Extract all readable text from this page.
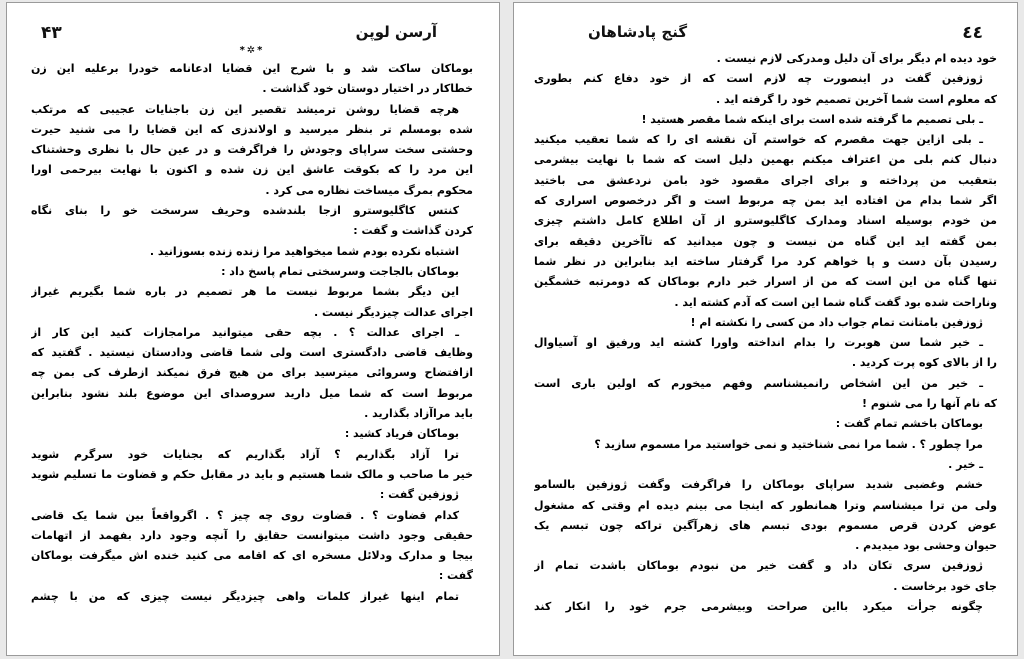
۴۳	آرسن لوپن
*✲*
بوماکان ساکت شد و با شرح این قضایا ادعانامه خودرا برعلیه این زن
خطاکار در اختیار دوستان خود گذاشت .
هرچه قضایا روشن ترمیشد تقصیر این زن باجنایات عجیبی که مرتکب
شده بومسلم تر بنظر میرسید و اولاندزی که این قضایا را می شنید حیرت
وحشتی سخت سراپای وجودش را فراگرفت و در عین حال با نظری وحشتناک
این مرد را که بکوقت عاشق این زن شده و اکنون با نهایت بیرحمی اورا
محکوم بمرگ میساخت نظاره می کرد .
کنتس کاگلیوسترو ازجا بلندشده وحریف سرسخت خو را بنای نگاه
کردن گذاشت و گفت :
اشتباه نکرده بودم شما میخواهید مرا زنده زنده بسوزانید .
بوماکان بالجاجت وسرسختی تمام پاسخ داد :
این دیگر بشما مربوط نیست ما هر تصمیم در باره شما بگیریم غیراز
اجرای عدالت چیزدیگر نیست .
ـ اجرای عدالت ؟ . بچه حقی میتوانید مرامجازات کنید این کار از
وظایف قاضی دادگستری است ولی شما قاضی ودادستان نیستید . گفتید که
ازافتضاح وسروائی میترسید برای من هیچ فرق نمیکند ازطرف کی بمن چه
مربوط است که شما میل دارید سروصدای این موضوع بلند نشود بنابراین
باید مراآزاد بگذارید .
بوماکان فریاد کشید :
ترا آزاد بگذاریم ؟ آزاد بگذاریم که بجنایات خود سرگرم شوید
خیر ما صاحب و مالک شما هستیم و باید در مقابل حکم و قضاوت ما تسلیم شوید
ژوزفین گفت :
کدام قضاوت ؟ . قضاوت روی چه چیز ؟ . اگرواقعاً بین شما یک قاضی
حقیقی وجود داشت میتوانست حقایق را آنچه وجود دارد بفهمد از اتهامات
بیجا و مدارک ودلائل مسخره ای که اقامه می کنید خنده اش میگرفت بوماکان
گفت :
تمام اینها غیراز کلمات واهی چیزدیگر نیست چیزی که من با چشم
٤٤
گنج پادشاهان
خود دیده ام دیگر برای آن دلیل ومدرکی لازم نیست .
ژوزفین گفت در اینصورت چه لازم است که از خود دفاع کنم بطوری
که معلوم است شما آخرین تصمیم خود را گرفته اید .
ـ بلی تصمیم ما گرفته شده است برای اینکه شما مقصر هستید !
ـ بلی ازاین جهت مقصرم که خواستم آن نقشه ای را که شما تعقیب میکنید
دنبال کنم بلی من اعتراف میکنم بهمین دلیل است که شما با نهایت بیشرمی
بتعقیب من پرداخته و برای اجرای مقصود خود بامن نردعشق می باختید
اگر شما بدام من افتاده اید بمن چه مربوط است و اگر درخصوص اسراری که
من خودم بوسیله اسناد ومدارک کاگلیوسترو از آن اطلاع کامل داشتم چیزی
بمن گفته اید این گناه من نیست و چون میدانید که تاآخرین دقیقه برای
رسیدن بآن دست و پا خواهم کرد مرا گرفتار ساخته اید بنابراین در نظر شما
تنها گناه من این است که من از اسرار خبر دارم بوماکان که دومرتبه خشمگین
وناراحت شده بود گفت گناه شما این است که آدم کشته اید .
ژوزفین بامتانت تمام جواب داد من کسی را نکشته ام !
ـ خیر شما سن هوبرت را بدام انداخته واورا کشته اید ورفیق او آسیاوال
را از بالای کوه پرت کردید .
ـ خیر من این اشخاص رانمیشناسم وفهم میخورم که اولین باری است
که نام آنها را می شنوم !
بوماکان باخشم تمام گفت :
مرا چطور ؟ . شما مرا نمی شناختید و نمی خواستید مرا مسموم سازید ؟
ـ خیر .
خشم وغضبی شدید سراپای بوماکان را فراگرفت وگفت ژوزفین بالسامو
ولی من ترا میشناسم وترا همانطور که اینجا می بینم دیده ام وقتی که مشغول
عوض کردن قرص مسموم بودی تبسم های زهرآگین تراکه چون تبسم یک
حیوان وحشی بود میدیدم .
ژوزفین سری تکان داد و گفت خیر من نبودم بوماکان باشدت تمام از
جای خود برخاست .
چگونه جرأت میکرد بااین صراحت وبیشرمی جرم خود را انکار کند
